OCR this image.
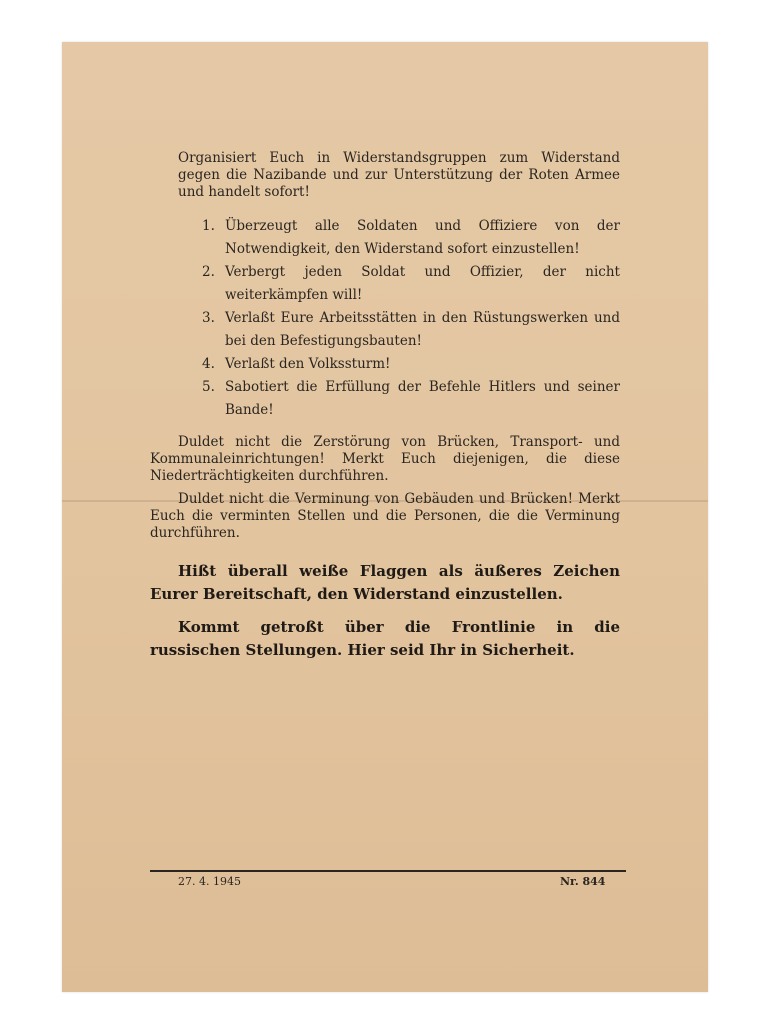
Organisiert Euch in Widerstandsgruppen zum Widerstand gegen die Nazibande und zur Unterstützung der Roten Armee und handelt sofort!

1. Überzeugt alle Soldaten und Offiziere von der Notwendigkeit, den Widerstand sofort einzustellen!
2. Verbergt jeden Soldat und Offizier, der nicht weiterkämpfen will!
3. Verlaßt Eure Arbeitsstätten in den Rüstungswerken und bei den Befestigungsbauten!
4. Verlaßt den Volkssturm!
5. Sabotiert die Erfüllung der Befehle Hitlers und seiner Bande!

Duldet nicht die Zerstörung von Brücken, Transport- und Kommunaleinrichtungen! Merkt Euch diejenigen, die diese Niederträchtigkeiten durchführen.

Duldet nicht die Verminung von Gebäuden und Brücken! Merkt Euch die verminten Stellen und die Personen, die die Verminung durchführen.

Hißt überall weiße Flaggen als äußeres Zeichen Eurer Bereitschaft, den Widerstand einzustellen.

Kommt getroßt über die Frontlinie in die russischen Stellungen. Hier seid Ihr in Sicherheit.

27. 4. 1945	Nr. 844
